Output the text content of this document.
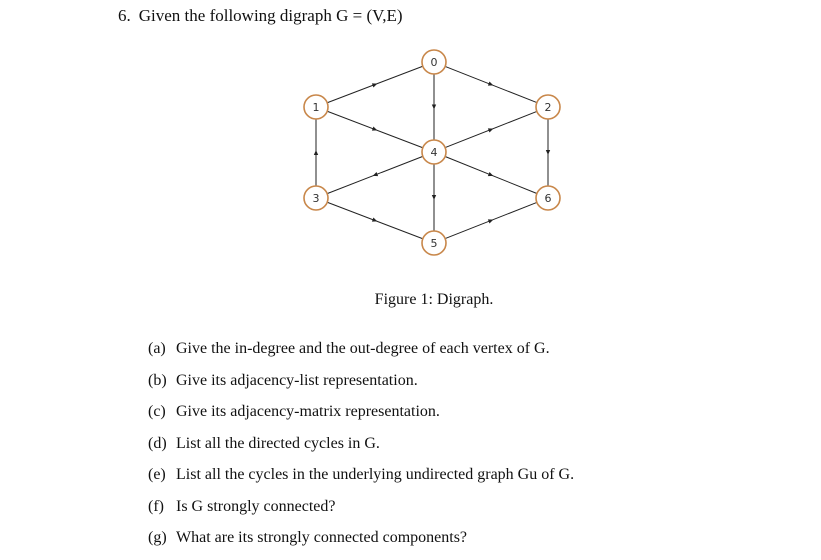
6. Given the following digraph G = (V,E)
0
1	2
3
4
5
6
Figure 1: Digraph.
(a) Give the in-degree and the out-degree of each vertex of G.
(b) Give its adjacency-list representation.
(c) Give its adjacency-matrix representation.
(d) List all the directed cycles in G.
(e) List all the cycles in the underlying undirected graph Gu of G.
(f) Is G strongly connected?
(g) What are its strongly connected components?
